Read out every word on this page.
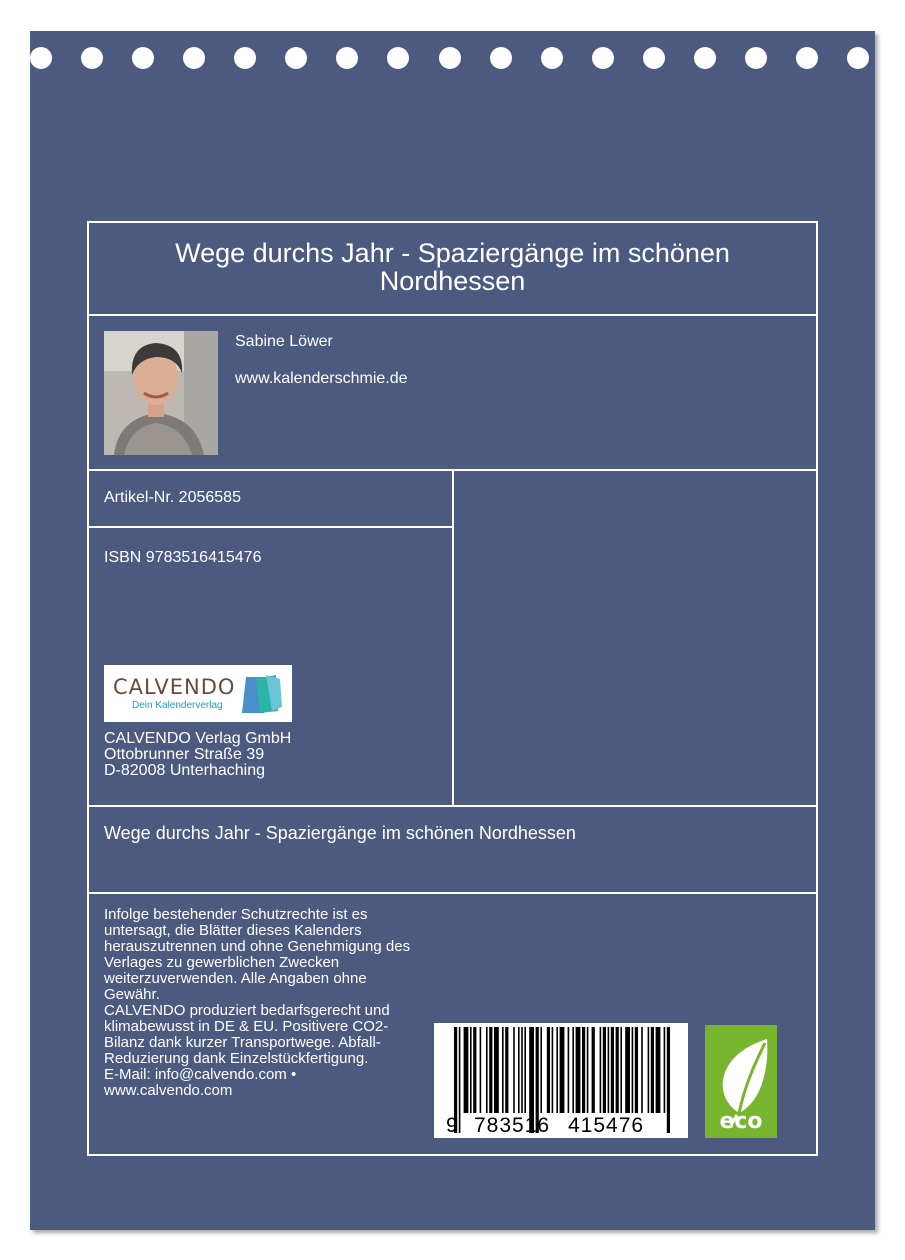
Wege durchs Jahr - Spaziergänge im schönen Nordhessen
Sabine Löwer
www.kalenderschmie.de
Artikel-Nr. 2056585
ISBN 9783516415476
CALVENDO
Dein Kalenderverlag
CALVENDO Verlag GmbH
Ottobrunner Straße 39
D-82008 Unterhaching
Wege durchs Jahr - Spaziergänge im schönen Nordhessen
Infolge bestehender Schutzrechte ist es
untersagt, die Blätter dieses Kalenders
herauszutrennen und ohne Genehmigung des
Verlages zu gewerblichen Zwecken
weiterzuverwenden. Alle Angaben ohne
Gewähr.
CALVENDO produziert bedarfsgerecht und
klimabewusst in DE & EU. Positivere CO2-
Bilanz dank kurzer Transportwege. Abfall-
Reduzierung dank Einzelstückfertigung.
E-Mail: info@calvendo.com •
www.calvendo.com
9 783516 415476	eco
